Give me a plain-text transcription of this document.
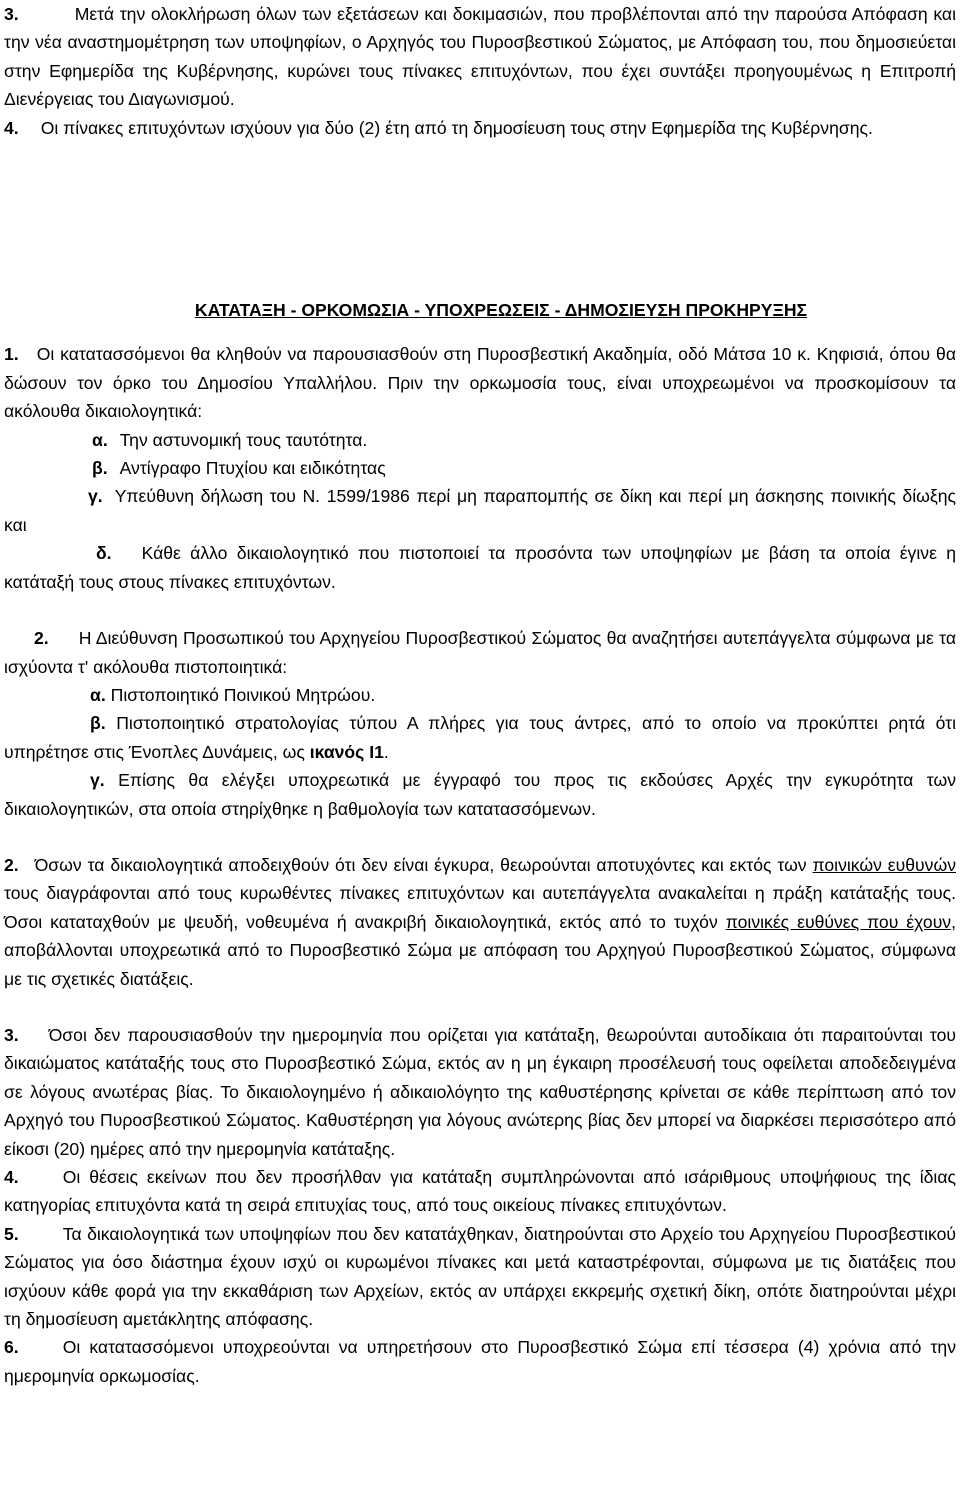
3.	Μετά την ολοκλήρωση όλων των εξετάσεων και δοκιμασιών, που προβλέπονται από την παρούσα Απόφαση και την νέα αναστημομέτρηση των υποψηφίων, ο Αρχηγός του Πυροσβεστικού Σώματος, με Απόφαση του, που δημοσιεύεται στην Εφημερίδα της Κυβέρνησης, κυρώνει τους πίνακες επιτυχόντων, που έχει συντάξει προηγουμένως η Επιτροπή Διενέργειας του Διαγωνισμού.

4. Οι πίνακες επιτυχόντων ισχύουν για δύο (2) έτη από τη δημοσίευση τους στην Εφημερίδα της Κυβέρνησης.

ΚΑΤΑΤΑΞΗ - ΟΡΚΟΜΩΣΙΑ - ΥΠΟΧΡΕΩΣΕΙΣ - ΔΗΜΟΣΙΕΥΣΗ ΠΡΟΚΗΡΥΞΗΣ

1. Οι κατατασσόμενοι θα κληθούν να παρουσιασθούν στη Πυροσβεστική Ακαδημία, οδό Μάτσα 10 κ. Κηφισιά, όπου θα δώσουν τον όρκο του Δημοσίου Υπαλλήλου. Πριν την ορκωμοσία τους, είναι υποχρεωμένοι να προσκομίσουν τα ακόλουθα δικαιολογητικά:

α. Την αστυνομική τους ταυτότητα.

β. Αντίγραφο Πτυχίου και ειδικότητας

γ. Υπεύθυνη δήλωση του Ν. 1599/1986 περί μη παραπομπής σε δίκη και περί μη άσκησης ποινικής δίωξης και

δ. Κάθε άλλο δικαιολογητικό που πιστοποιεί τα προσόντα των υποψηφίων με βάση τα οποία έγινε η κατάταξή τους στους πίνακες επιτυχόντων.

2. Η Διεύθυνση Προσωπικού του Αρχηγείου Πυροσβεστικού Σώματος θα αναζητήσει αυτεπάγγελτα σύμφωνα με τα ισχύοντα τ' ακόλουθα πιστοποιητικά:

α. Πιστοποιητικό Ποινικού Μητρώου.

β. Πιστοποιητικό στρατολογίας τύπου Α πλήρες για τους άντρες, από το οποίο να προκύπτει ρητά ότι υπηρέτησε στις Ένοπλες Δυνάμεις, ως ικανός Ι1.

γ. Επίσης θα ελέγξει υποχρεωτικά με έγγραφό του προς τις εκδούσες Αρχές την εγκυρότητα των δικαιολογητικών, στα οποία στηρίχθηκε η βαθμολογία των κατατασσόμενων.

2. Όσων τα δικαιολογητικά αποδειχθούν ότι δεν είναι έγκυρα, θεωρούνται αποτυχόντες και εκτός των ποινικών ευθυνών τους διαγράφονται από τους κυρωθέντες πίνακες επιτυχόντων και αυτεπάγγελτα ανακαλείται η πράξη κατάταξής τους. Όσοι καταταχθούν με ψευδή, νοθευμένα ή ανακριβή δικαιολογητικά, εκτός από το τυχόν ποινικές ευθύνες που έχουν, αποβάλλονται υποχρεωτικά από το Πυροσβεστικό Σώμα με απόφαση του Αρχηγού Πυροσβεστικού Σώματος, σύμφωνα με τις σχετικές διατάξεις.

3. Όσοι δεν παρουσιασθούν την ημερομηνία που ορίζεται για κατάταξη, θεωρούνται αυτοδίκαια ότι παραιτούνται του δικαιώματος κατάταξής τους στο Πυροσβεστικό Σώμα, εκτός αν η μη έγκαιρη προσέλευσή τους οφείλεται αποδεδειγμένα σε λόγους ανωτέρας βίας. Το δικαιολογημένο ή αδικαιολόγητο της καθυστέρησης κρίνεται σε κάθε περίπτωση από τον Αρχηγό του Πυροσβεστικού Σώματος. Καθυστέρηση για λόγους ανώτερης βίας δεν μπορεί να διαρκέσει περισσότερο από είκοσι (20) ημέρες από την ημερομηνία κατάταξης.

4.	Οι θέσεις εκείνων που δεν προσήλθαν για κατάταξη συμπληρώνονται από ισάριθμους υποψήφιους της ίδιας κατηγορίας επιτυχόντα κατά τη σειρά επιτυχίας τους, από τους οικείους πίνακες επιτυχόντων.

5.	Τα δικαιολογητικά των υποψηφίων που δεν κατατάχθηκαν, διατηρούνται στο Αρχείο του Αρχηγείου Πυροσβεστικού Σώματος για όσο διάστημα έχουν ισχύ οι κυρωμένοι πίνακες και μετά καταστρέφονται, σύμφωνα με τις διατάξεις που ισχύουν κάθε φορά για την εκκαθάριση των Αρχείων, εκτός αν υπάρχει εκκρεμής σχετική δίκη, οπότε διατηρούνται μέχρι τη δημοσίευση αμετάκλητης απόφασης.

6.	Οι κατατασσόμενοι υποχρεούνται να υπηρετήσουν στο Πυροσβεστικό Σώμα επί τέσσερα (4) χρόνια από την ημερομηνία ορκωμοσίας.
